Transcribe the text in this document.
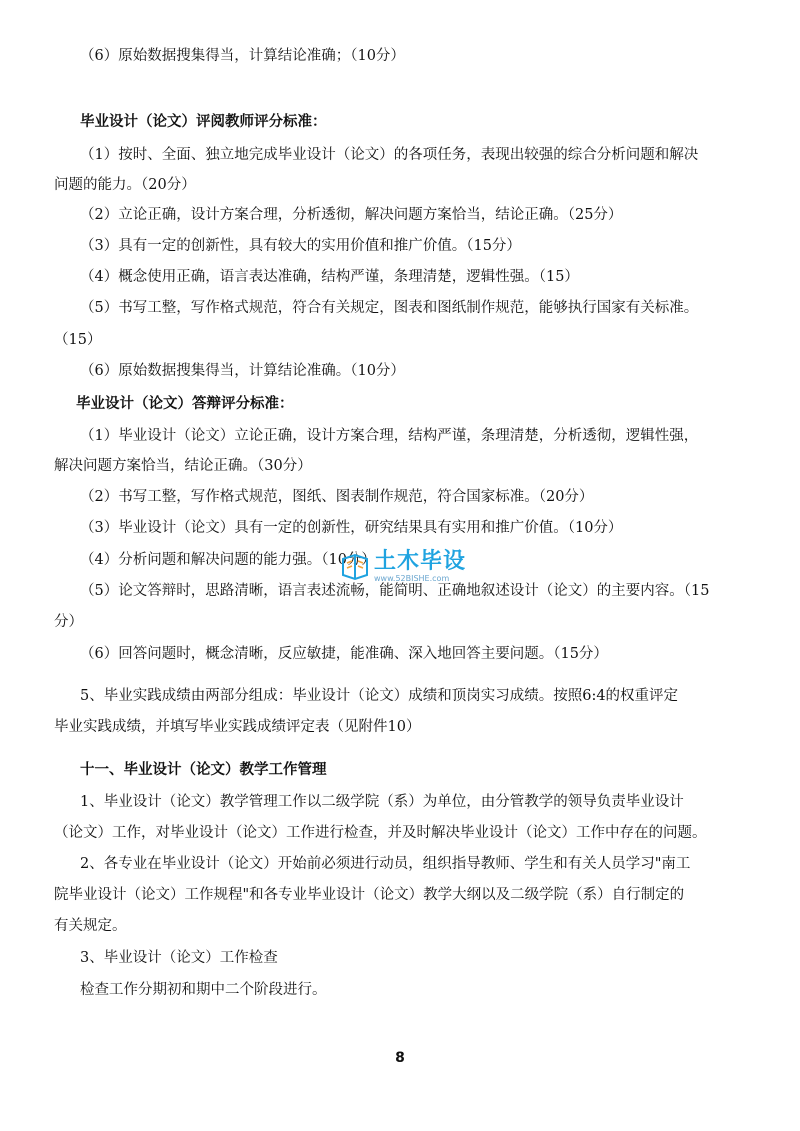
（6）原始数据搜集得当，计算结论准确；（10分）
毕业设计（论文）评阅教师评分标准：
（1）按时、全面、独立地完成毕业设计（论文）的各项任务，表现出较强的综合分析问题和解决
问题的能力。（20分）
（2）立论正确，设计方案合理，分析透彻，解决问题方案恰当，结论正确。（25分）
（3）具有一定的创新性，具有较大的实用价值和推广价值。（15分）
（4）概念使用正确，语言表达准确，结构严谨，条理清楚，逻辑性强。（15）
（5）书写工整，写作格式规范，符合有关规定，图表和图纸制作规范，能够执行国家有关标准。
（15）
（6）原始数据搜集得当，计算结论准确。（10分）
毕业设计（论文）答辩评分标准：
（1）毕业设计（论文）立论正确，设计方案合理，结构严谨，条理清楚，分析透彻，逻辑性强，
解决问题方案恰当，结论正确。（30分）
（2）书写工整，写作格式规范，图纸、图表制作规范，符合国家标准。（20分）
（3）毕业设计（论文）具有一定的创新性，研究结果具有实用和推广价值。（10分）
（4）分析问题和解决问题的能力强。（10分）
（5）论文答辩时，思路清晰，语言表述流畅，能简明、正确地叙述设计（论文）的主要内容。（15
分）
（6）回答问题时，概念清晰，反应敏捷，能准确、深入地回答主要问题。（15分）
5、毕业实践成绩由两部分组成：毕业设计（论文）成绩和顶岗实习成绩。按照6:4的权重评定
毕业实践成绩，并填写毕业实践成绩评定表（见附件10）
十一、毕业设计（论文）教学工作管理
1、毕业设计（论文）教学管理工作以二级学院（系）为单位，由分管教学的领导负责毕业设计
（论文）工作，对毕业设计（论文）工作进行检查，并及时解决毕业设计（论文）工作中存在的问题。
2、各专业在毕业设计（论文）开始前必须进行动员，组织指导教师、学生和有关人员学习"南工
院毕业设计（论文）工作规程"和各专业毕业设计（论文）教学大纲以及二级学院（系）自行制定的
有关规定。
3、毕业设计（论文）工作检查
检查工作分期初和期中二个阶段进行。
土木毕设
www.52BISHE.com
8
